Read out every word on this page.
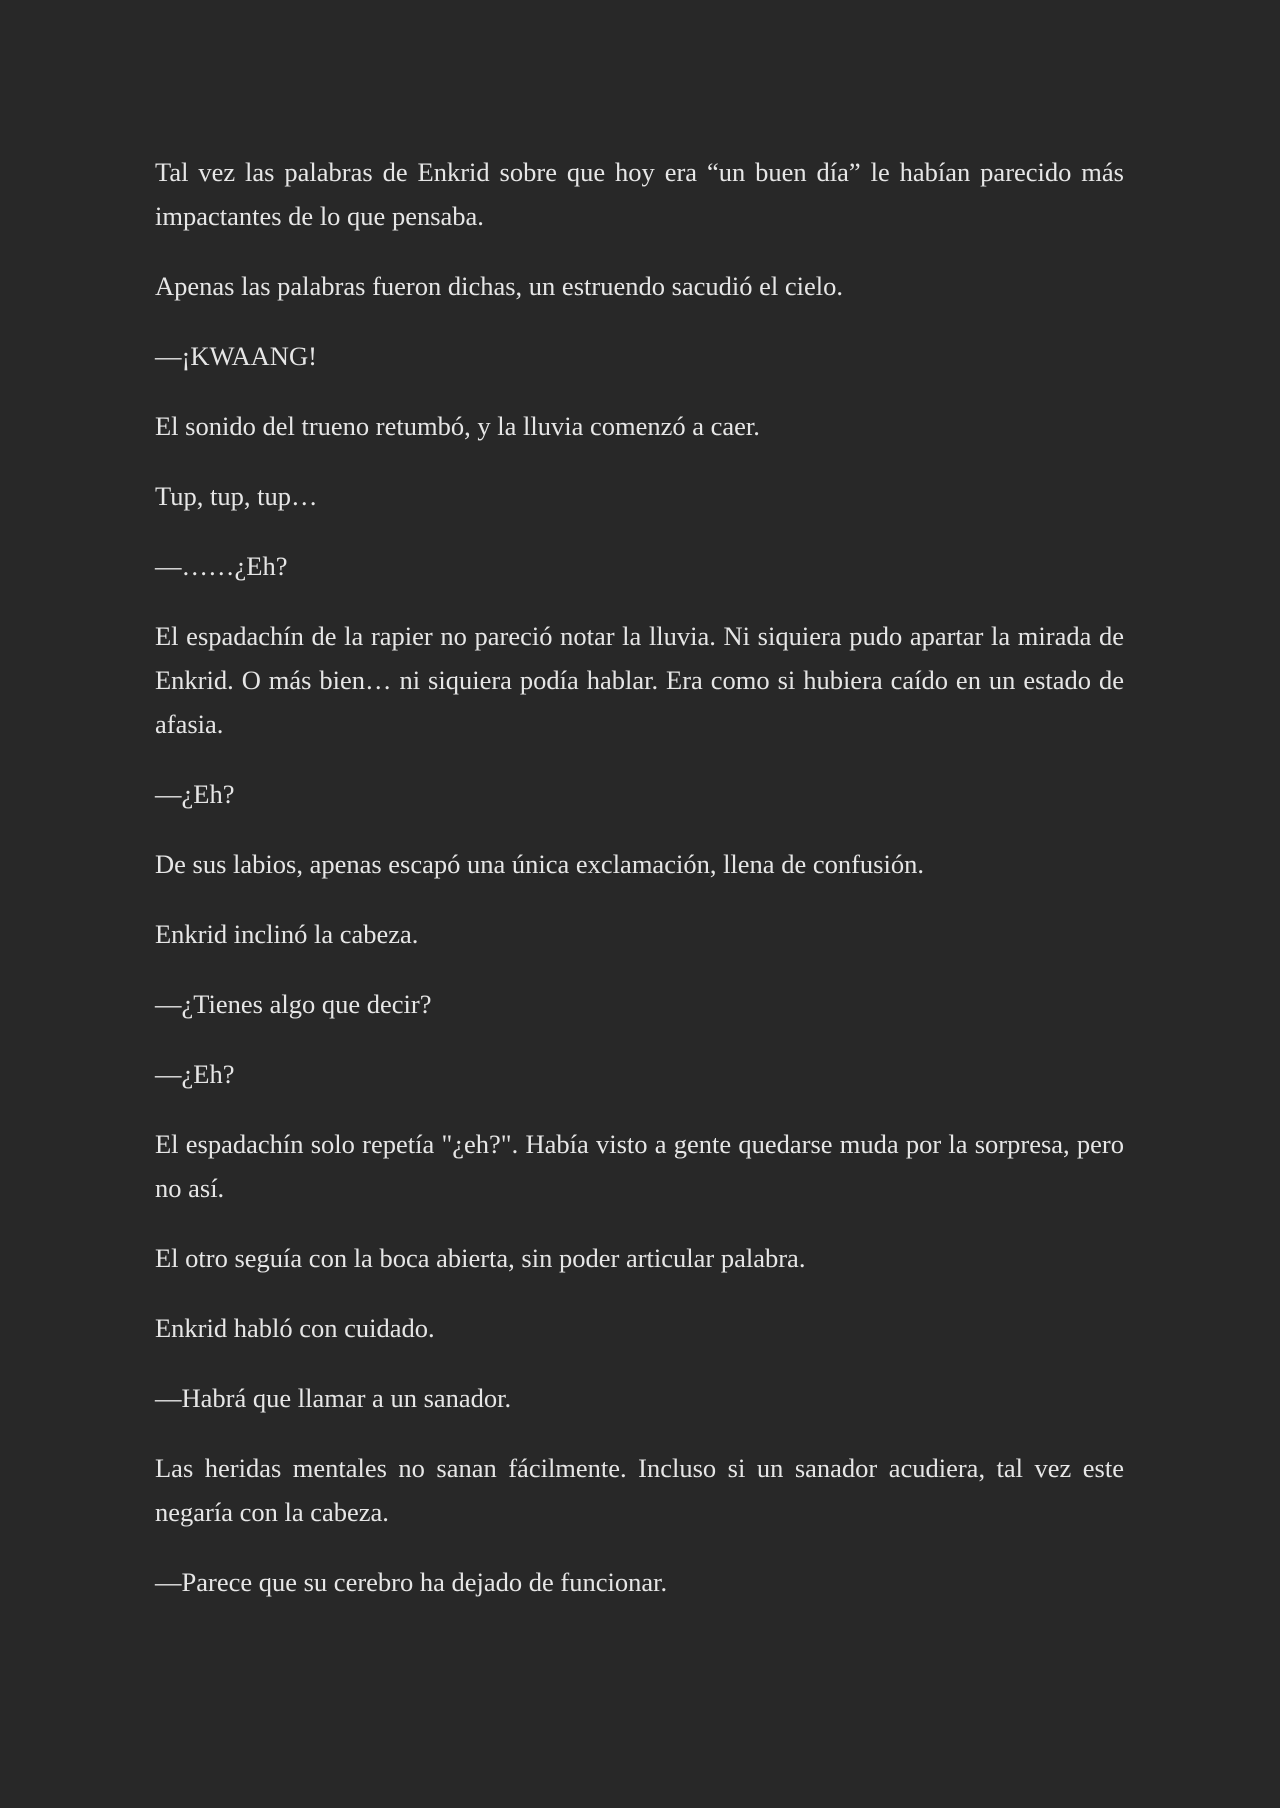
Tal vez las palabras de Enkrid sobre que hoy era “un buen día” le habían parecido más impactantes de lo que pensaba.

Apenas las palabras fueron dichas, un estruendo sacudió el cielo.

—¡KWAANG!

El sonido del trueno retumbó, y la lluvia comenzó a caer.

Tup, tup, tup…

—……¿Eh?

El espadachín de la rapier no pareció notar la lluvia. Ni siquiera pudo apartar la mirada de Enkrid. O más bien… ni siquiera podía hablar. Era como si hubiera caído en un estado de afasia.

—¿Eh?

De sus labios, apenas escapó una única exclamación, llena de confusión.

Enkrid inclinó la cabeza.

—¿Tienes algo que decir?

—¿Eh?

El espadachín solo repetía "¿eh?". Había visto a gente quedarse muda por la sorpresa, pero no así.

El otro seguía con la boca abierta, sin poder articular palabra.

Enkrid habló con cuidado.

—Habrá que llamar a un sanador.

Las heridas mentales no sanan fácilmente. Incluso si un sanador acudiera, tal vez este negaría con la cabeza.

—Parece que su cerebro ha dejado de funcionar.
